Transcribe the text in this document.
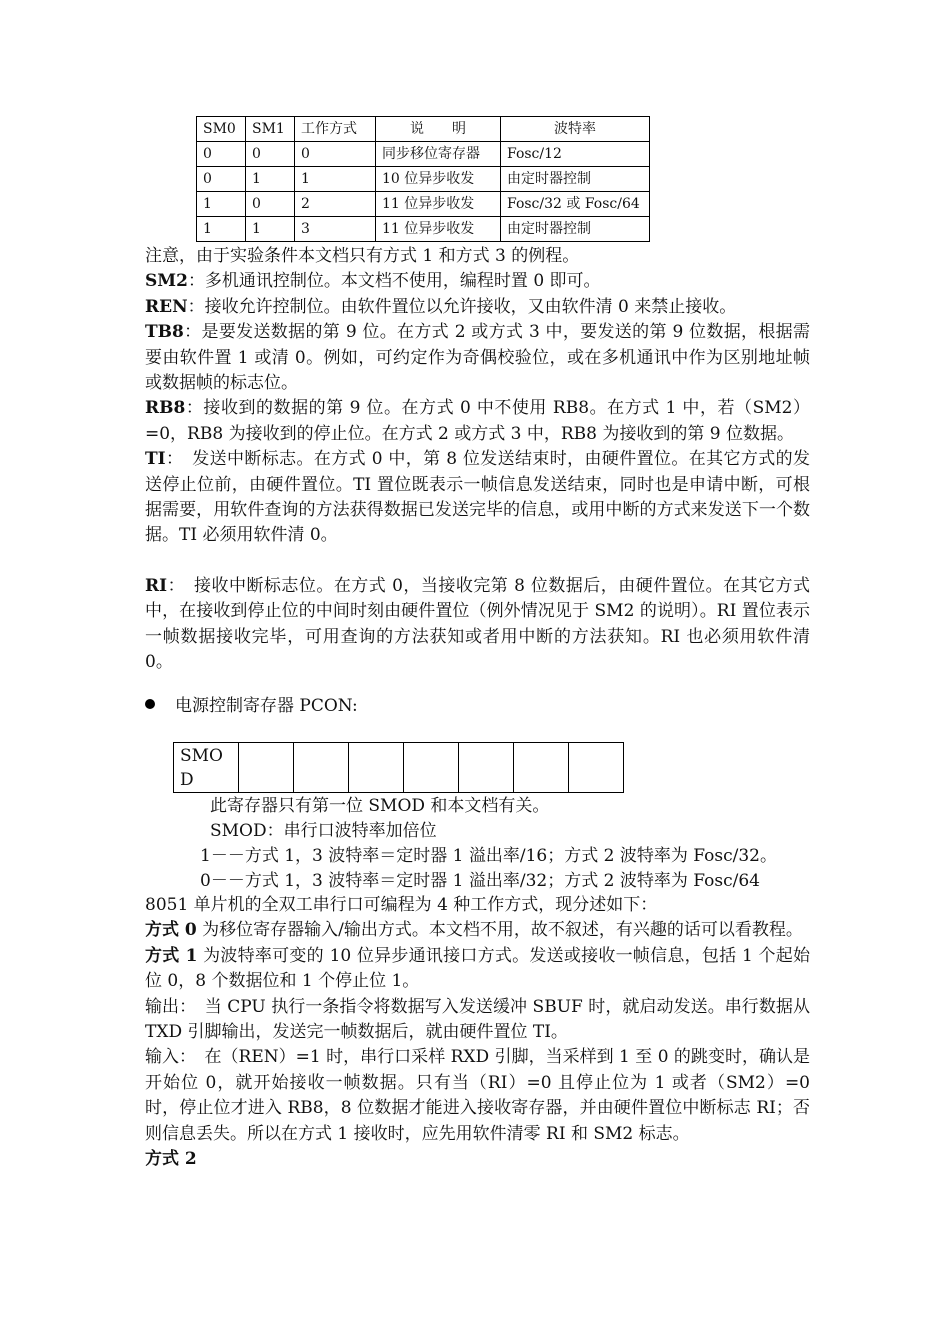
SM0	SM1	工作方式	说　　明	波特率
0	0	0	同步移位寄存器	Fosc/12
0	1	1	10 位异步收发	由定时器控制
1	0	2	11 位异步收发	Fosc/32 或 Fosc/64
1	1	3	11 位异步收发	由定时器控制

注意，由于实验条件本文档只有方式 1 和方式 3 的例程。

SM2：多机通讯控制位。本文档不使用，编程时置 0 即可。

REN：接收允许控制位。由软件置位以允许接收，又由软件清 0 来禁止接收。

TB8：是要发送数据的第 9 位。在方式 2 或方式 3 中，要发送的第 9 位数据，根据需要由软件置 1 或清 0。例如，可约定作为奇偶校验位，或在多机通讯中作为区别地址帧或数据帧的标志位。

RB8：接收到的数据的第 9 位。在方式 0 中不使用 RB8。在方式 1 中，若（SM2）=0，RB8 为接收到的停止位。在方式 2 或方式 3 中，RB8 为接收到的第 9 位数据。

TI：　发送中断标志。在方式 0 中，第 8 位发送结束时，由硬件置位。在其它方式的发送停止位前，由硬件置位。TI 置位既表示一帧信息发送结束，同时也是申请中断，可根据需要，用软件查询的方法获得数据已发送完毕的信息，或用中断的方式来发送下一个数据。TI 必须用软件清 0。

RI：　接收中断标志位。在方式 0，当接收完第 8 位数据后，由硬件置位。在其它方式中，在接收到停止位的中间时刻由硬件置位（例外情况见于 SM2 的说明）。RI 置位表示一帧数据接收完毕，可用查询的方法获知或者用中断的方法获知。RI 也必须用软件清 0。

电源控制寄存器 PCON:
SMO
D

此寄存器只有第一位 SMOD 和本文档有关。
SMOD：串行口波特率加倍位
1－－方式 1，3 波特率＝定时器 1 溢出率/16；方式 2 波特率为 Fosc/32。
0－－方式 1，3 波特率＝定时器 1 溢出率/32；方式 2 波特率为 Fosc/64

8051 单片机的全双工串行口可编程为 4 种工作方式，现分述如下：

方式 0 为移位寄存器输入/输出方式。本文档不用，故不叙述，有兴趣的话可以看教程。

方式 1 为波特率可变的 10 位异步通讯接口方式。发送或接收一帧信息，包括 1 个起始位 0，8 个数据位和 1 个停止位 1。

输出：　当 CPU 执行一条指令将数据写入发送缓冲 SBUF 时，就启动发送。串行数据从 TXD 引脚输出，发送完一帧数据后，就由硬件置位 TI。

输入：　在（REN）=1 时，串行口采样 RXD 引脚，当采样到 1 至 0 的跳变时，确认是开始位 0，就开始接收一帧数据。只有当（RI）=0 且停止位为 1 或者（SM2）=0 时，停止位才进入 RB8，8 位数据才能进入接收寄存器，并由硬件置位中断标志 RI；否则信息丢失。所以在方式 1 接收时，应先用软件清零 RI 和 SM2 标志。

方式 2
